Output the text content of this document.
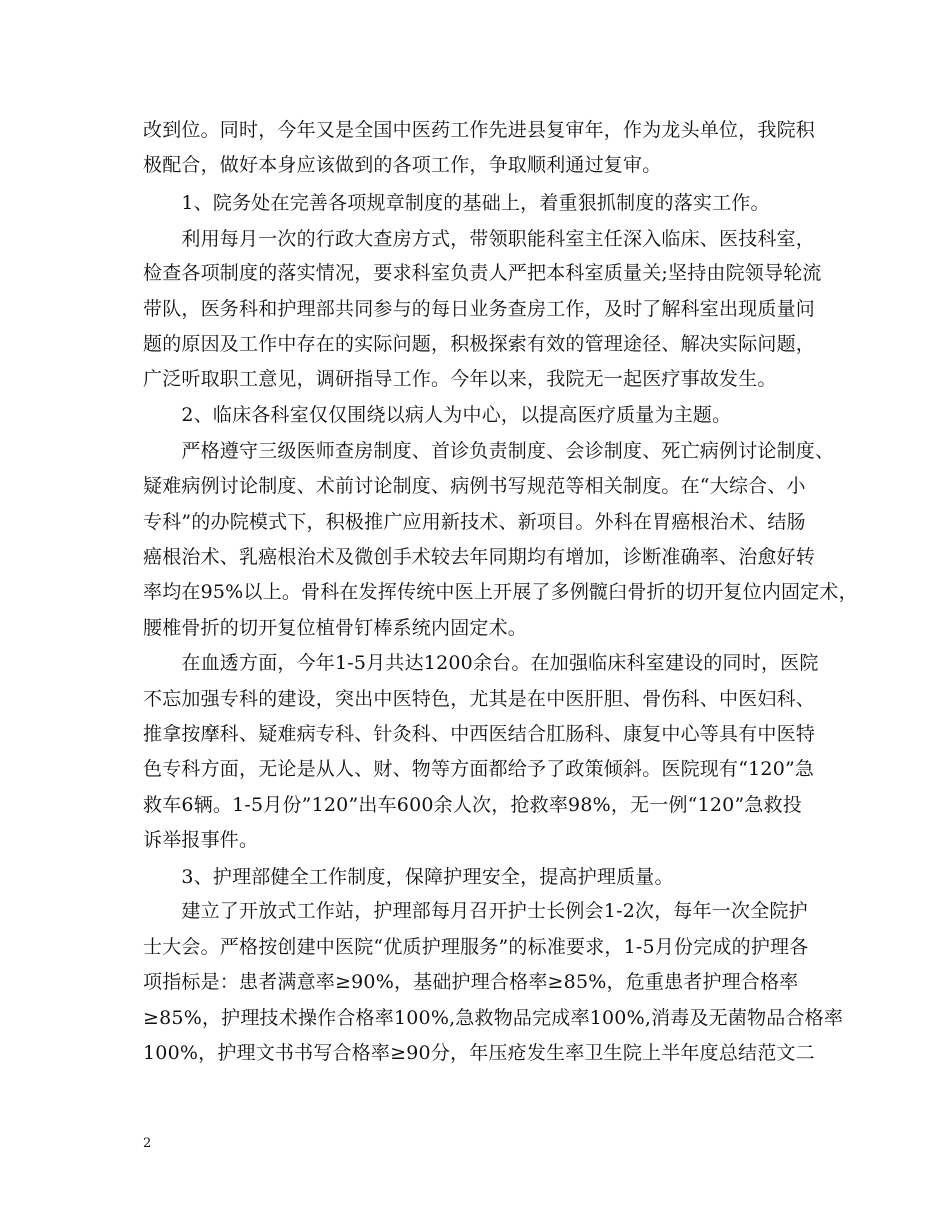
改到位。同时，今年又是全国中医药工作先进县复审年，作为龙头单位，我院积
极配合，做好本身应该做到的各项工作，争取顺利通过复审。
　　1、院务处在完善各项规章制度的基础上，着重狠抓制度的落实工作。
　　利用每月一次的行政大查房方式，带领职能科室主任深入临床、医技科室，
检查各项制度的落实情况，要求科室负责人严把本科室质量关;坚持由院领导轮流
带队，医务科和护理部共同参与的每日业务查房工作，及时了解科室出现质量问
题的原因及工作中存在的实际问题，积极探索有效的管理途径、解决实际问题，
广泛听取职工意见，调研指导工作。今年以来，我院无一起医疗事故发生。
　　2、临床各科室仅仅围绕以病人为中心，以提高医疗质量为主题。
　　严格遵守三级医师查房制度、首诊负责制度、会诊制度、死亡病例讨论制度、
疑难病例讨论制度、术前讨论制度、病例书写规范等相关制度。在“大综合、小
专科”的办院模式下，积极推广应用新技术、新项目。外科在胃癌根治术、结肠
癌根治术、乳癌根治术及微创手术较去年同期均有增加，诊断准确率、治愈好转
率均在95%以上。骨科在发挥传统中医上开展了多例髋臼骨折的切开复位内固定术，
腰椎骨折的切开复位植骨钉棒系统内固定术。
　　在血透方面，今年1-5月共达1200余台。在加强临床科室建设的同时，医院
不忘加强专科的建设，突出中医特色，尤其是在中医肝胆、骨伤科、中医妇科、
推拿按摩科、疑难病专科、针灸科、中西医结合肛肠科、康复中心等具有中医特
色专科方面，无论是从人、财、物等方面都给予了政策倾斜。医院现有“120”急
救车6辆。1-5月份”120”出车600余人次，抢救率98%，无一例“120”急救投
诉举报事件。
　　3、护理部健全工作制度，保障护理安全，提高护理质量。
　　建立了开放式工作站，护理部每月召开护士长例会1-2次，每年一次全院护
士大会。严格按创建中医院“优质护理服务”的标准要求，1-5月份完成的护理各
项指标是：患者满意率≥90%，基础护理合格率≥85%，危重患者护理合格率
≥85%，护理技术操作合格率100%,急救物品完成率100%,消毒及无菌物品合格率
100%，护理文书书写合格率≥90分，年压疮发生率卫生院上半年度总结范文二
2
